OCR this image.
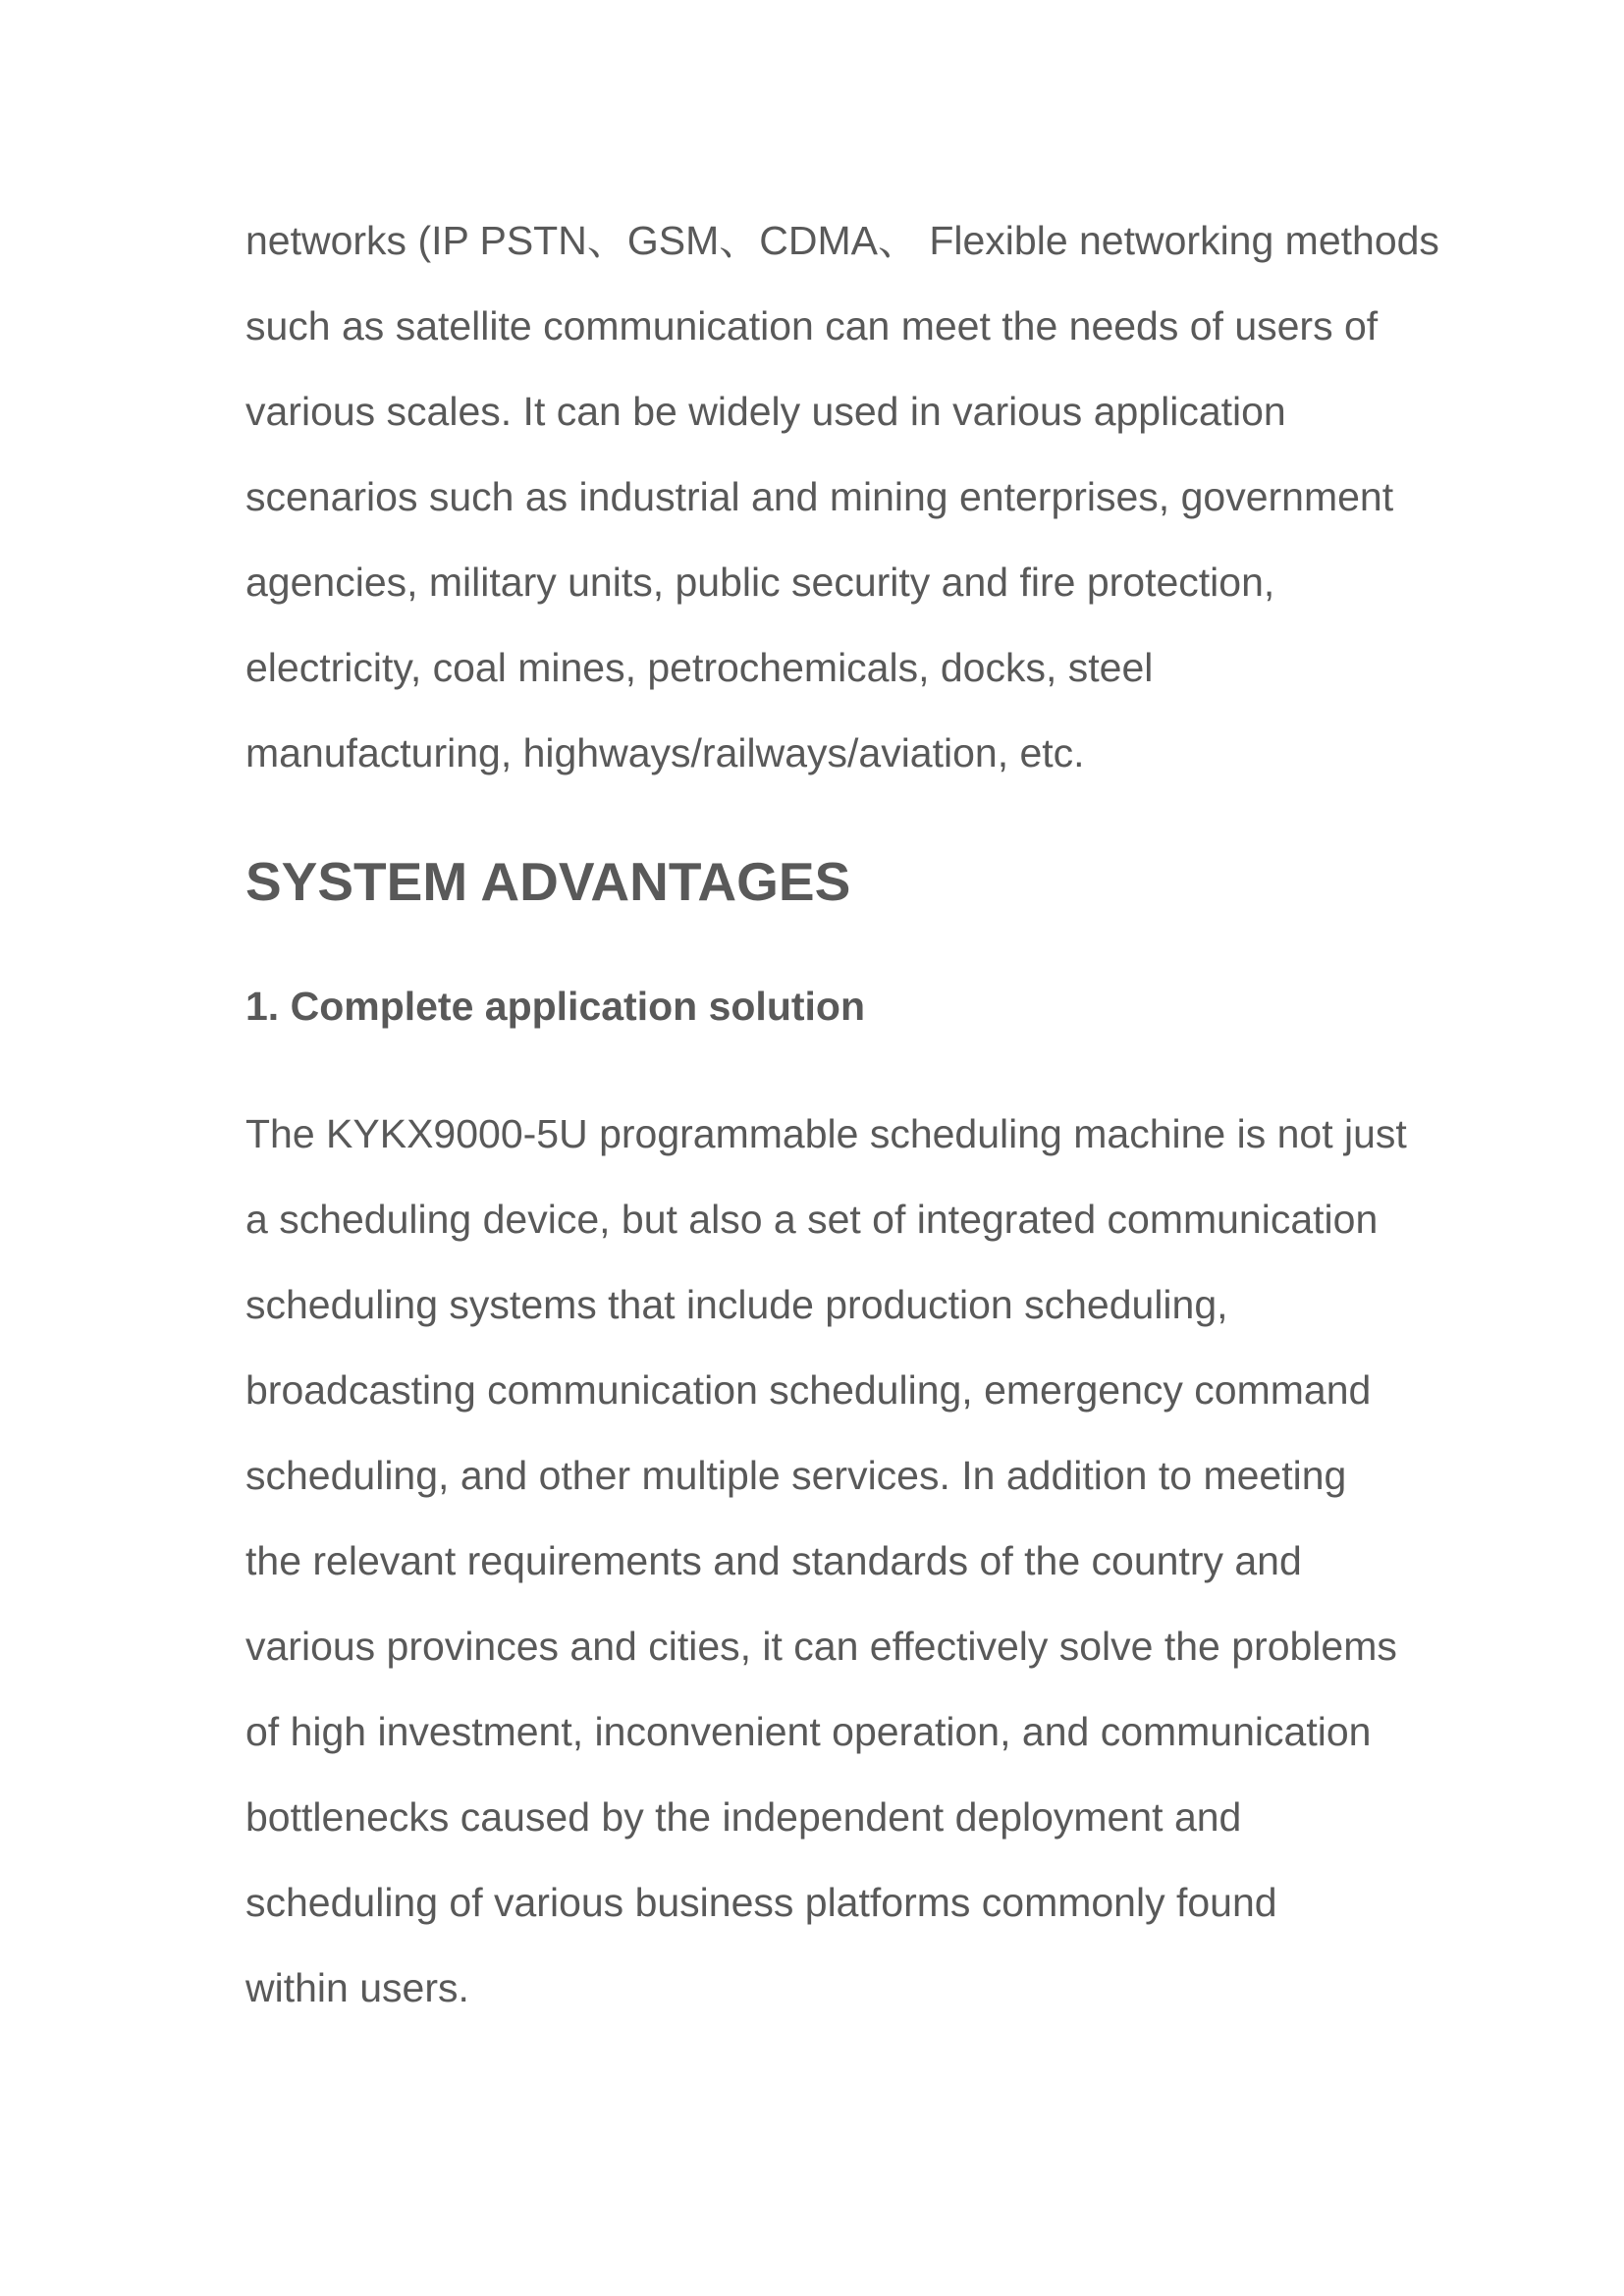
networks (IP PSTN、GSM、CDMA、 Flexible networking methods
such as satellite communication can meet the needs of users of
various scales. It can be widely used in various application
scenarios such as industrial and mining enterprises, government
agencies, military units, public security and fire protection,
electricity, coal mines, petrochemicals, docks, steel
manufacturing, highways/railways/aviation, etc.
SYSTEM ADVANTAGES
1. Complete application solution
The KYKX9000-5U programmable scheduling machine is not just
a scheduling device, but also a set of integrated communication
scheduling systems that include production scheduling,
broadcasting communication scheduling, emergency command
scheduling, and other multiple services. In addition to meeting
the relevant requirements and standards of the country and
various provinces and cities, it can effectively solve the problems
of high investment, inconvenient operation, and communication
bottlenecks caused by the independent deployment and
scheduling of various business platforms commonly found
within users.
